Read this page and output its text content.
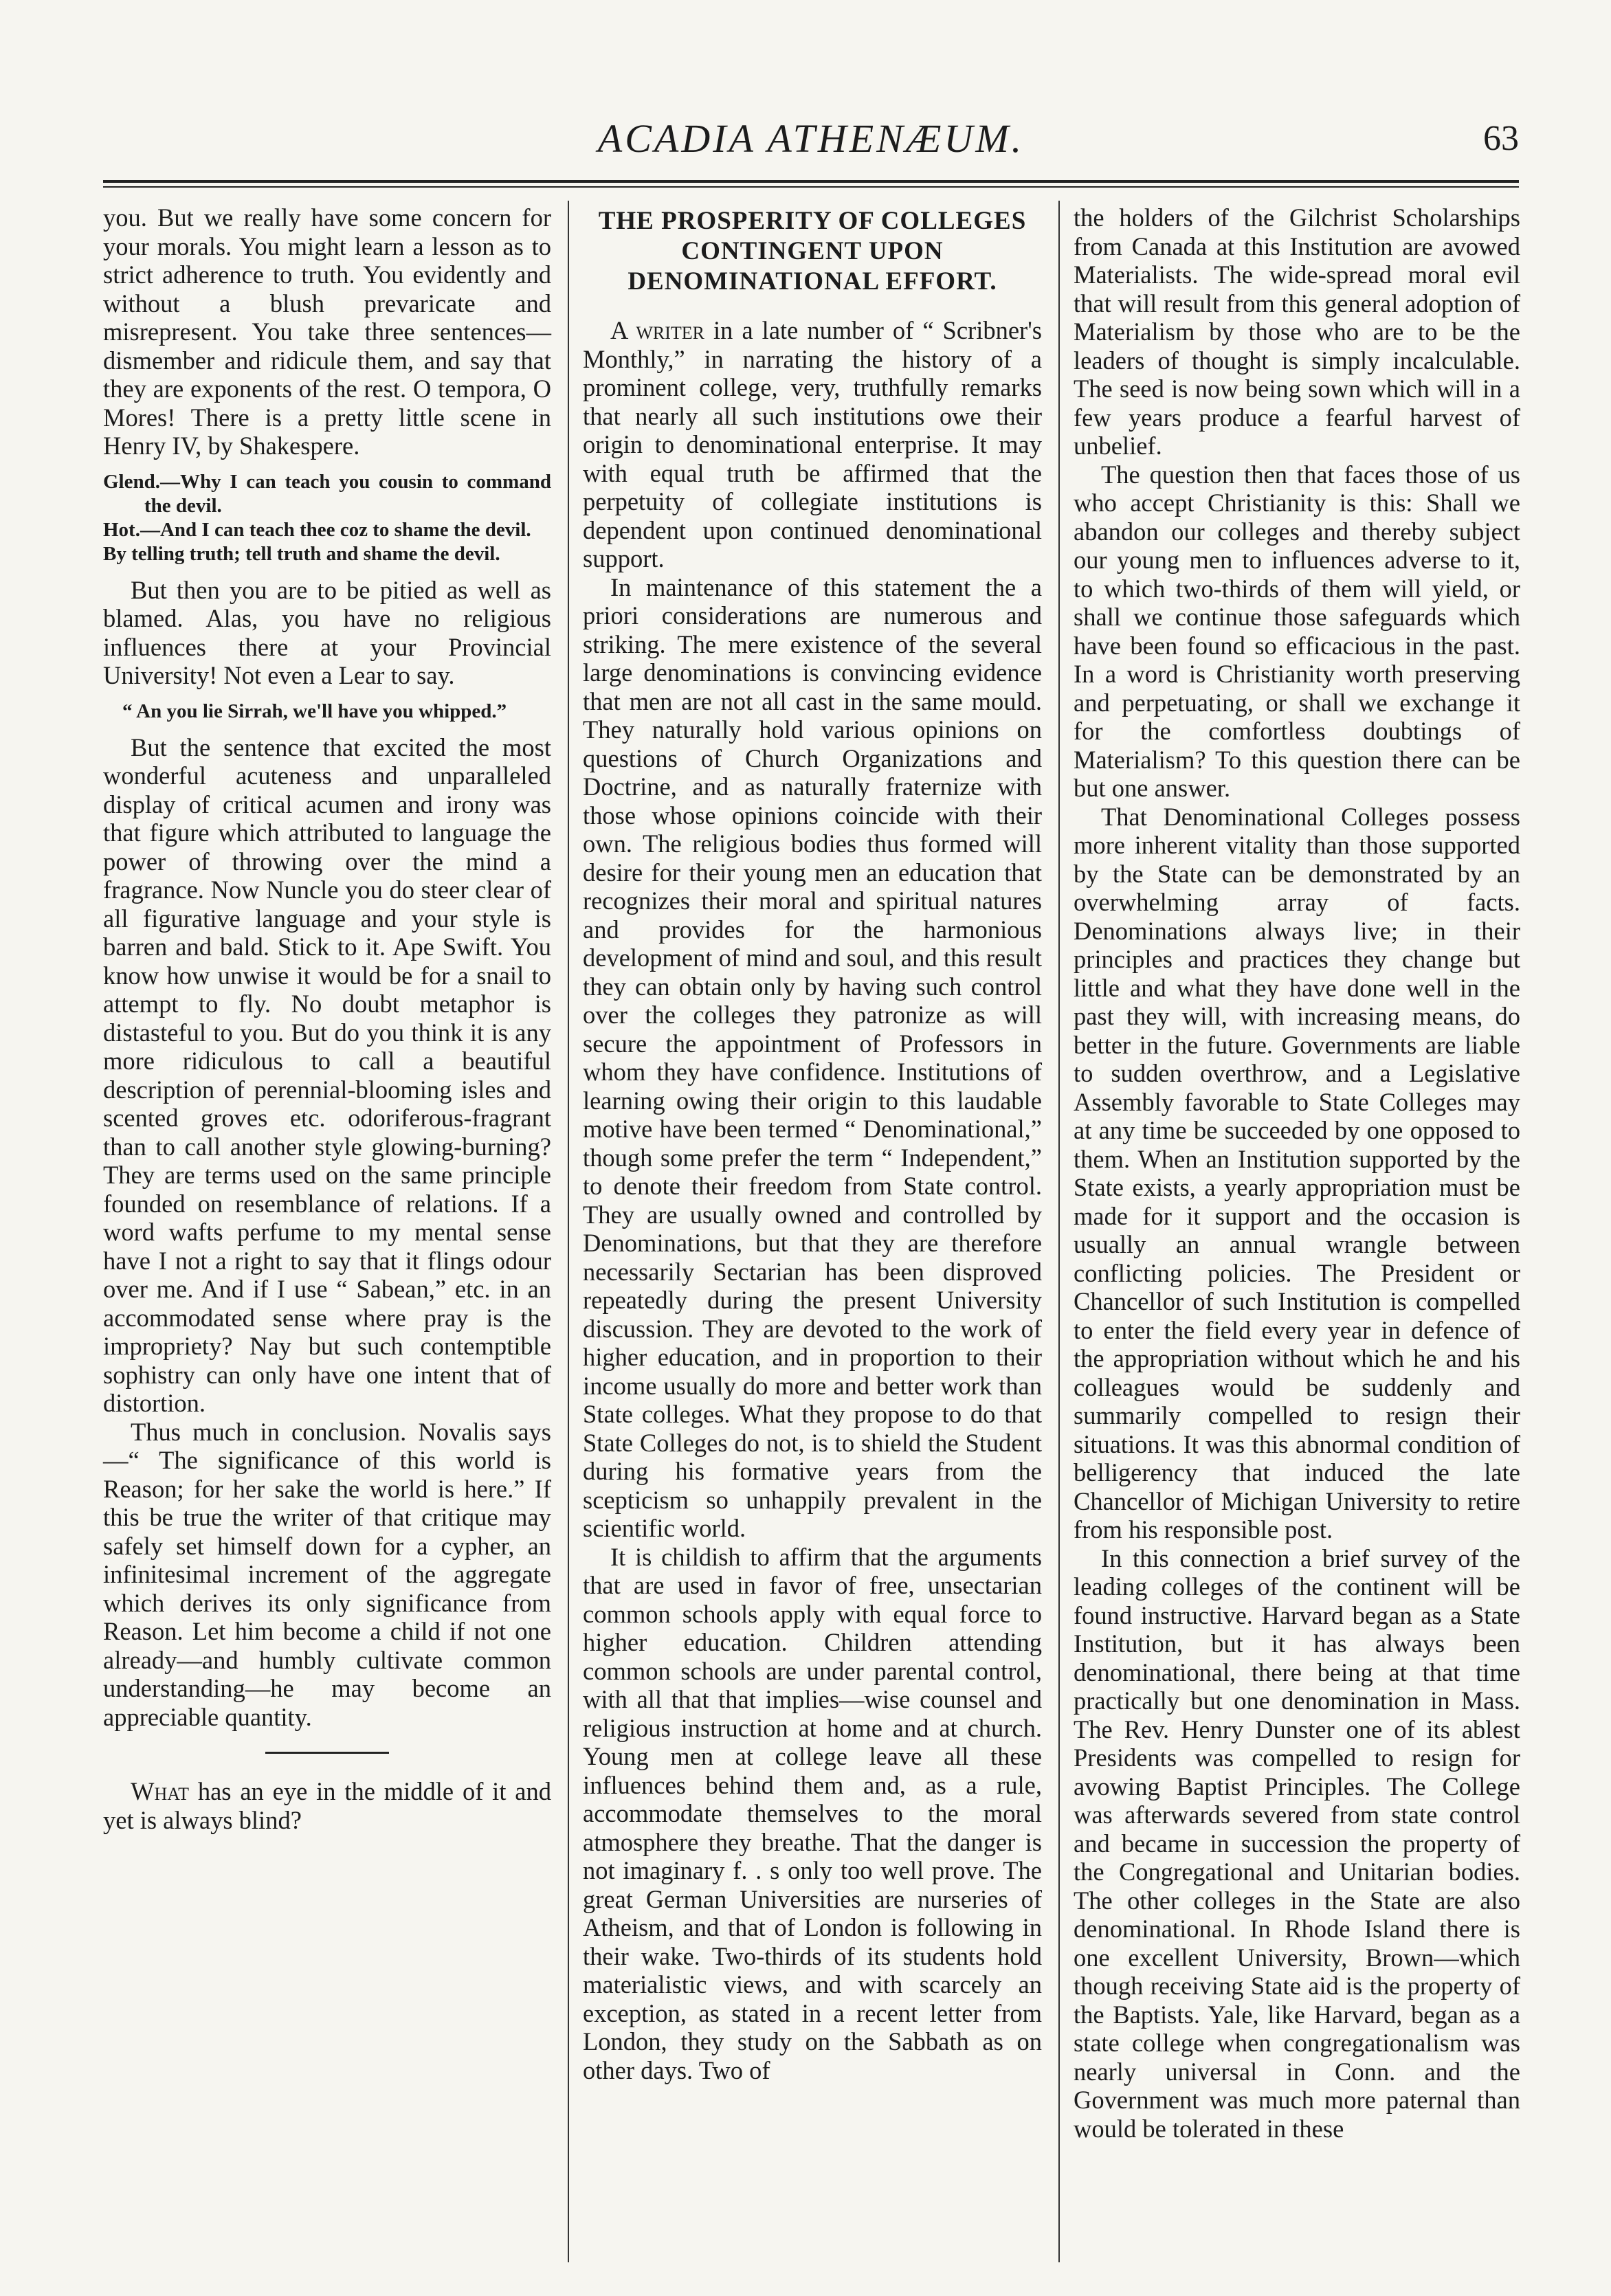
ACADIA ATHENÆUM.	63

you. But we really have some concern for your morals. You might learn a lesson as to strict adherence to truth. You evidently and without a blush prevaricate and misrepresent. You take three sentences—dismember and ridicule them, and say that they are exponents of the rest. O tempora, O Mores! There is a pretty little scene in Henry IV, by Shakespere.

Glend.—Why I can teach you cousin to command the devil.

Hot.—And I can teach thee coz to shame the devil.

By telling truth; tell truth and shame the devil.

But then you are to be pitied as well as blamed. Alas, you have no religious influences there at your Provincial University! Not even a Lear to say.

“ An you lie Sirrah, we'll have you whipped.”

But the sentence that excited the most wonderful acuteness and unparalleled display of critical acumen and irony was that figure which attributed to language the power of throwing over the mind a fragrance. Now Nuncle you do steer clear of all figurative language and your style is barren and bald. Stick to it. Ape Swift. You know how unwise it would be for a snail to attempt to fly. No doubt metaphor is distasteful to you. But do you think it is any more ridiculous to call a beautiful description of perennial-blooming isles and scented groves etc. odoriferous-fragrant than to call another style glowing-burning? They are terms used on the same principle founded on resemblance of relations. If a word wafts perfume to my mental sense have I not a right to say that it flings odour over me. And if I use “ Sabean,” etc. in an accommodated sense where pray is the impropriety? Nay but such contemptible sophistry can only have one intent that of distortion.

Thus much in conclusion. Novalis says—“ The significance of this world is Reason; for her sake the world is here.” If this be true the writer of that critique may safely set himself down for a cypher, an infinitesimal increment of the aggregate which derives its only significance from Reason. Let him become a child if not one already—and humbly cultivate common understanding—he may become an appreciable quantity.

What has an eye in the middle of it and yet is always blind?

THE PROSPERITY OF COLLEGES CONTINGENT UPON DENOMINATIONAL EFFORT.

A writer in a late number of “ Scribner's Monthly,” in narrating the history of a prominent college, very, truthfully remarks that nearly all such institutions owe their origin to denominational enterprise. It may with equal truth be affirmed that the perpetuity of collegiate institutions is dependent upon continued denominational support.

In maintenance of this statement the a priori considerations are numerous and striking. The mere existence of the several large denominations is convincing evidence that men are not all cast in the same mould. They naturally hold various opinions on questions of Church Organizations and Doctrine, and as naturally fraternize with those whose opinions coincide with their own. The religious bodies thus formed will desire for their young men an education that recognizes their moral and spiritual natures and provides for the harmonious development of mind and soul, and this result they can obtain only by having such control over the colleges they patronize as will secure the appointment of Professors in whom they have confidence. Institutions of learning owing their origin to this laudable motive have been termed “ Denominational,” though some prefer the term “ Independent,” to denote their freedom from State control. They are usually owned and controlled by Denominations, but that they are therefore necessarily Sectarian has been disproved repeatedly during the present University discussion. They are devoted to the work of higher education, and in proportion to their income usually do more and better work than State colleges. What they propose to do that State Colleges do not, is to shield the Student during his formative years from the scepticism so unhappily prevalent in the scientific world.

It is childish to affirm that the arguments that are used in favor of free, unsectarian common schools apply with equal force to higher education. Children attending common schools are under parental control, with all that that implies—wise counsel and religious instruction at home and at church. Young men at college leave all these influences behind them and, as a rule, accommodate themselves to the moral atmosphere they breathe. That the danger is not imaginary f. . s only too well prove. The great German Universities are nurseries of Atheism, and that of London is following in their wake. Two-thirds of its students hold materialistic views, and with scarcely an exception, as stated in a recent letter from London, they study on the Sabbath as on other days. Two of

the holders of the Gilchrist Scholarships from Canada at this Institution are avowed Materialists. The wide-spread moral evil that will result from this general adoption of Materialism by those who are to be the leaders of thought is simply incalculable. The seed is now being sown which will in a few years produce a fearful harvest of unbelief.

The question then that faces those of us who accept Christianity is this: Shall we abandon our colleges and thereby subject our young men to influences adverse to it, to which two-thirds of them will yield, or shall we continue those safeguards which have been found so efficacious in the past. In a word is Christianity worth preserving and perpetuating, or shall we exchange it for the comfortless doubtings of Materialism? To this question there can be but one answer.

That Denominational Colleges possess more inherent vitality than those supported by the State can be demonstrated by an overwhelming array of facts. Denominations always live; in their principles and practices they change but little and what they have done well in the past they will, with increasing means, do better in the future. Governments are liable to sudden overthrow, and a Legislative Assembly favorable to State Colleges may at any time be succeeded by one opposed to them. When an Institution supported by the State exists, a yearly appropriation must be made for it support and the occasion is usually an annual wrangle between conflicting policies. The President or Chancellor of such Institution is compelled to enter the field every year in defence of the appropriation without which he and his colleagues would be suddenly and summarily compelled to resign their situations. It was this abnormal condition of belligerency that induced the late Chancellor of Michigan University to retire from his responsible post.

In this connection a brief survey of the leading colleges of the continent will be found instructive. Harvard began as a State Institution, but it has always been denominational, there being at that time practically but one denomination in Mass. The Rev. Henry Dunster one of its ablest Presidents was compelled to resign for avowing Baptist Principles. The College was afterwards severed from state control and became in succession the property of the Congregational and Unitarian bodies. The other colleges in the State are also denominational. In Rhode Island there is one excellent University, Brown—which though receiving State aid is the property of the Baptists. Yale, like Harvard, began as a state college when congregationalism was nearly universal in Conn. and the Government was much more paternal than would be tolerated in these
